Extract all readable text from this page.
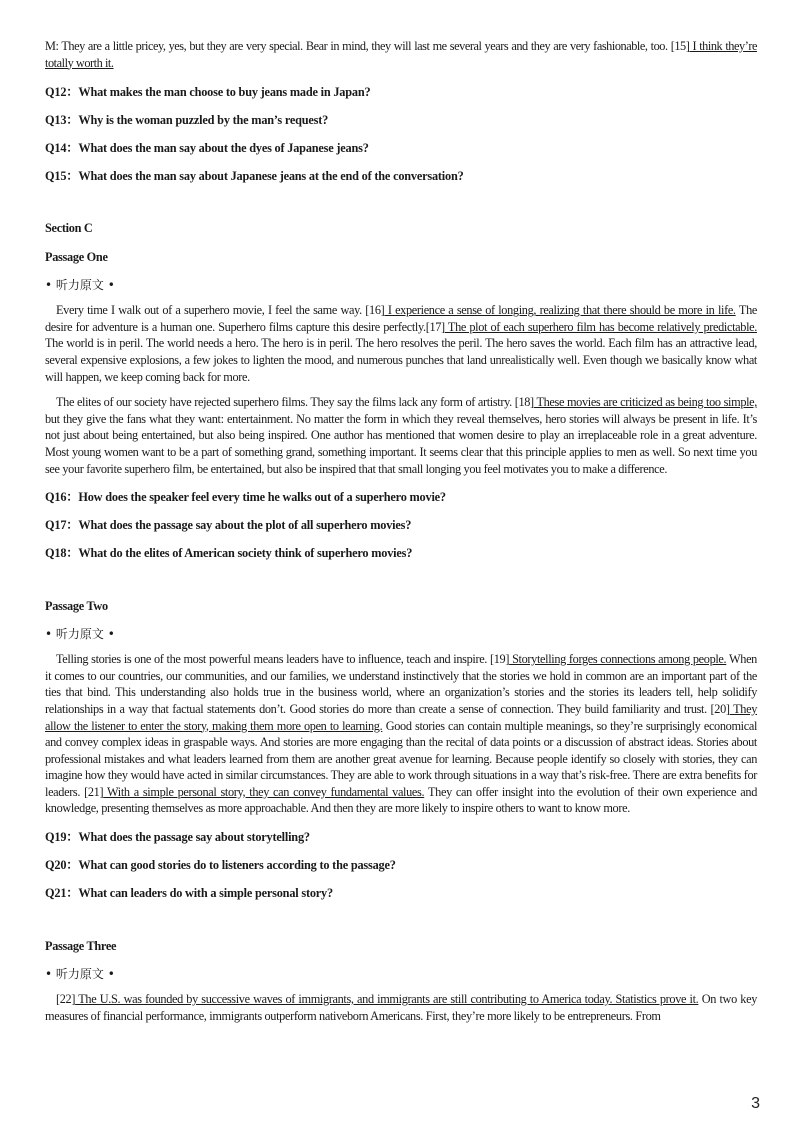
M: They are a little pricey, yes, but they are very special. Bear in mind, they will last me several years and they are very fashionable, too. [15] I think they’re totally worth it.

Q12：What makes the man choose to buy jeans made in Japan?

Q13：Why is the woman puzzled by the man’s request?

Q14：What does the man say about the dyes of Japanese jeans?

Q15：What does the man say about Japanese jeans at the end of the conversation?

Section C

Passage One

• 听力原文 •

Every time I walk out of a superhero movie, I feel the same way. [16] I experience a sense of longing, realizing that there should be more in life. The desire for adventure is a human one. Superhero films capture this desire perfectly.[17] The plot of each superhero film has become relatively predictable. The world is in peril. The world needs a hero. The hero is in peril. The hero resolves the peril. The hero saves the world. Each film has an attractive lead, several expensive explosions, a few jokes to lighten the mood, and numerous punches that land unrealistically well. Even though we basically know what will happen, we keep coming back for more.

The elites of our society have rejected superhero films. They say the films lack any form of artistry. [18] These movies are criticized as being too simple, but they give the fans what they want: entertainment. No matter the form in which they reveal themselves, hero stories will always be present in life. It’s not just about being entertained, but also being inspired. One author has mentioned that women desire to play an irreplaceable role in a great adventure. Most young women want to be a part of something grand, something important. It seems clear that this principle applies to men as well. So next time you see your favorite superhero film, be entertained, but also be inspired that that small longing you feel motivates you to make a difference.

Q16：How does the speaker feel every time he walks out of a superhero movie?

Q17：What does the passage say about the plot of all superhero movies?

Q18：What do the elites of American society think of superhero movies?

Passage Two

• 听力原文 •

Telling stories is one of the most powerful means leaders have to influence, teach and inspire. [19] Storytelling forges connections among people. When it comes to our countries, our communities, and our families, we understand instinctively that the stories we hold in common are an important part of the ties that bind. This understanding also holds true in the business world, where an organization’s stories and the stories its leaders tell, help solidify relationships in a way that factual statements don’t. Good stories do more than create a sense of connection. They build familiarity and trust. [20] They allow the listener to enter the story, making them more open to learning. Good stories can contain multiple meanings, so they’re surprisingly economical and convey complex ideas in graspable ways. And stories are more engaging than the recital of data points or a discussion of abstract ideas. Stories about professional mistakes and what leaders learned from them are another great avenue for learning. Because people identify so closely with stories, they can imagine how they would have acted in similar circumstances. They are able to work through situations in a way that’s risk-free. There are extra benefits for leaders. [21] With a simple personal story, they can convey fundamental values. They can offer insight into the evolution of their own experience and knowledge, presenting themselves as more approachable. And then they are more likely to inspire others to want to know more.

Q19：What does the passage say about storytelling?

Q20：What can good stories do to listeners according to the passage?

Q21：What can leaders do with a simple personal story?

Passage Three

• 听力原文 •

[22] The U.S. was founded by successive waves of immigrants, and immigrants are still contributing to America today. Statistics prove it. On two key measures of financial performance, immigrants outperform nativeborn Americans. First, they’re more likely to be entrepreneurs. From

3
